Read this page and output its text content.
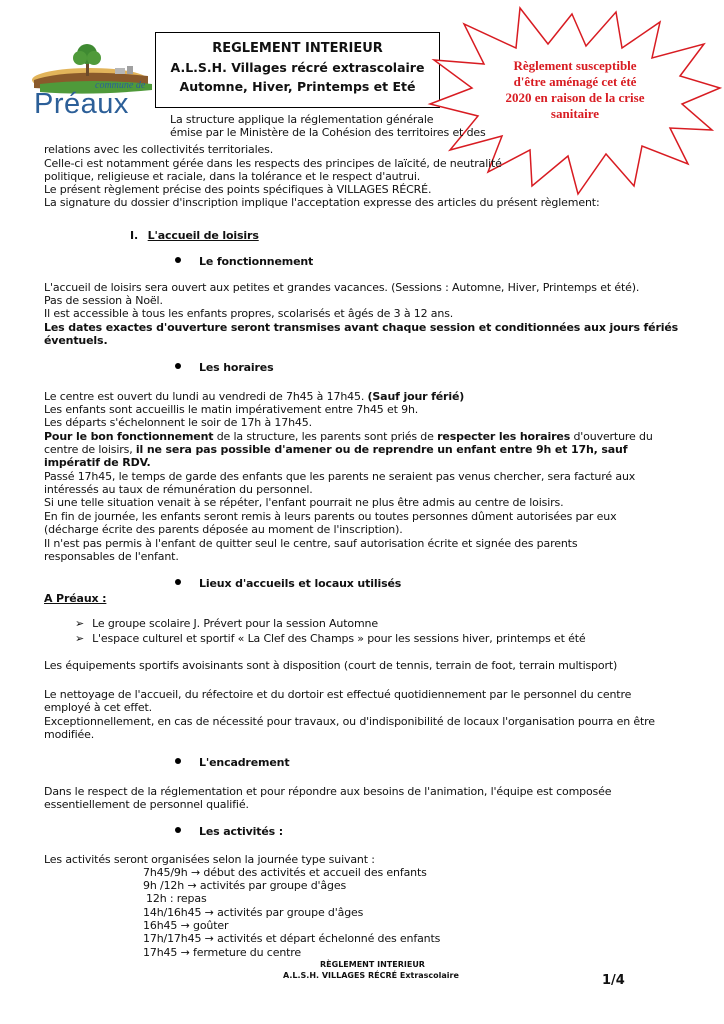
commune de
Préaux
REGLEMENT INTERIEUR
A.L.S.H. Villages récré extrascolaire
Automne, Hiver, Printemps et Eté
Règlement susceptible
d'être aménagé cet été
2020 en raison de la crise
sanitaire
La structure applique la réglementation générale
émise par le Ministère de la Cohésion des territoires et des
relations avec les collectivités territoriales.
Celle-ci est notamment gérée dans les respects des principes de laïcité, de neutralité
politique, religieuse et raciale, dans la tolérance et le respect d'autrui.
Le présent règlement précise des points spécifiques à VILLAGES RÉCRÉ.
La signature du dossier d'inscription implique l'acceptation expresse des articles du présent règlement:
I. L'accueil de loisirs
Le fonctionnement
L'accueil de loisirs sera ouvert aux petites et grandes vacances. (Sessions : Automne, Hiver, Printemps et été).
Pas de session à Noël.
Il est accessible à tous les enfants propres, scolarisés et âgés de 3 à 12 ans.
Les dates exactes d'ouverture seront transmises avant chaque session et conditionnées aux jours fériés
éventuels.
Les horaires
Le centre est ouvert du lundi au vendredi de 7h45 à 17h45. (Sauf jour férié)
Les enfants sont accueillis le matin impérativement entre 7h45 et 9h.
Les départs s'échelonnent le soir de 17h à 17h45.
Pour le bon fonctionnement de la structure, les parents sont priés de respecter les horaires d'ouverture du
centre de loisirs, il ne sera pas possible d'amener ou de reprendre un enfant entre 9h et 17h, sauf
impératif de RDV.
Passé 17h45, le temps de garde des enfants que les parents ne seraient pas venus chercher, sera facturé aux
intéressés au taux de rémunération du personnel.
Si une telle situation venait à se répéter, l'enfant pourrait ne plus être admis au centre de loisirs.
En fin de journée, les enfants seront remis à leurs parents ou toutes personnes dûment autorisées par eux
(décharge écrite des parents déposée au moment de l'inscription).
Il n'est pas permis à l'enfant de quitter seul le centre, sauf autorisation écrite et signée des parents
responsables de l'enfant.
Lieux d'accueils et locaux utilisés
A Préaux :
➢ Le groupe scolaire J. Prévert pour la session Automne
➢ L'espace culturel et sportif « La Clef des Champs » pour les sessions hiver, printemps et été
Les équipements sportifs avoisinants sont à disposition (court de tennis, terrain de foot, terrain multisport)
Le nettoyage de l'accueil, du réfectoire et du dortoir est effectué quotidiennement par le personnel du centre
employé à cet effet.
Exceptionnellement, en cas de nécessité pour travaux, ou d'indisponibilité de locaux l'organisation pourra en être
modifiée.
L'encadrement
Dans le respect de la réglementation et pour répondre aux besoins de l'animation, l'équipe est composée
essentiellement de personnel qualifié.
Les activités :
Les activités seront organisées selon la journée type suivant :
7h45/9h → début des activités et accueil des enfants
9h /12h → activités par groupe d'âges
12h : repas
14h/16h45 → activités par groupe d'âges
16h45 → goûter
17h/17h45 → activités et départ échelonné des enfants
17h45 → fermeture du centre
RÈGLEMENT INTERIEUR
A.L.S.H. VILLAGES RÉCRÉ Extrascolaire	1/4
